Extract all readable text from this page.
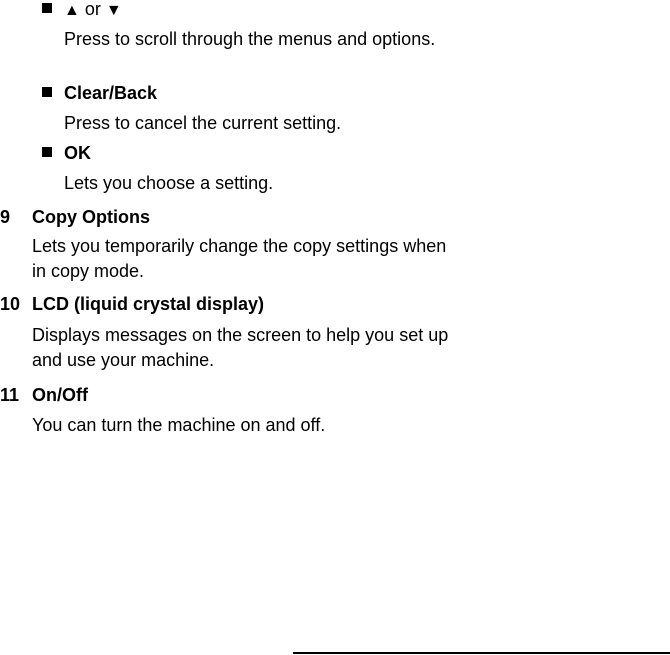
▲ or ▼
Press to scroll through the menus and options.
Clear/Back
Press to cancel the current setting.
OK
Lets you choose a setting.
9 Copy Options
Lets you temporarily change the copy settings when in copy mode.
10 LCD (liquid crystal display)
Displays messages on the screen to help you set up and use your machine.
11 On/Off
You can turn the machine on and off.
